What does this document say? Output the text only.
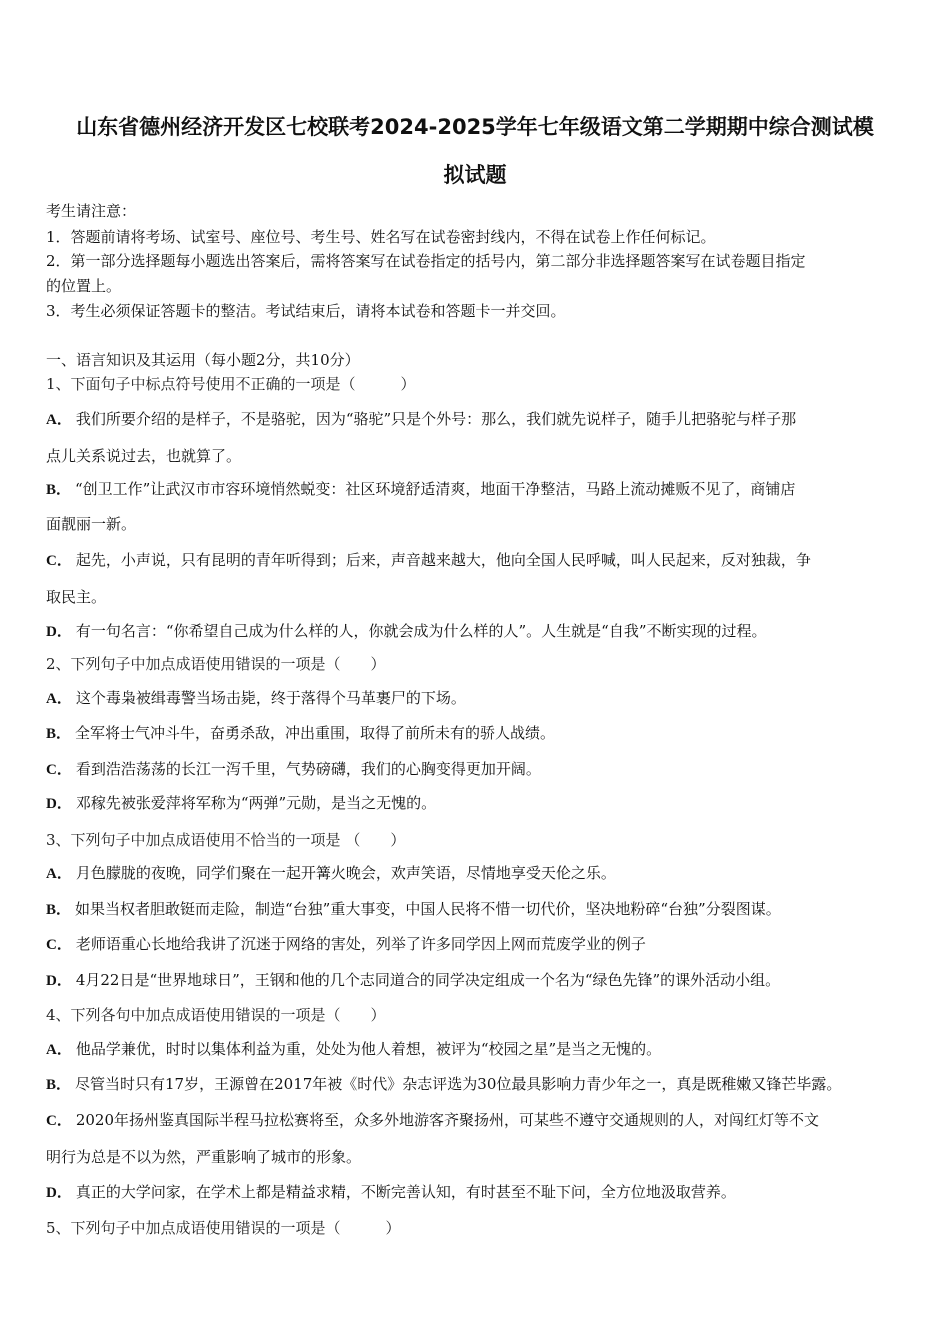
山东省德州经济开发区七校联考2024-2025学年七年级语文第二学期期中综合测试模
拟试题
考生请注意：
1．答题前请将考场、试室号、座位号、考生号、姓名写在试卷密封线内，不得在试卷上作任何标记。
2．第一部分选择题每小题选出答案后，需将答案写在试卷指定的括号内，第二部分非选择题答案写在试卷题目指定
的位置上。
3．考生必须保证答题卡的整洁。考试结束后，请将本试卷和答题卡一并交回。
一、语言知识及其运用（每小题2分，共10分）
1、下面句子中标点符号使用不正确的一项是（　　　）
A． 我们所要介绍的是样子，不是骆驼，因为“骆驼”只是个外号：那么，我们就先说样子，随手儿把骆驼与样子那
点儿关系说过去，也就算了。
B． “创卫工作”让武汉市市容环境悄然蜕变：社区环境舒适清爽，地面干净整洁，马路上流动摊贩不见了，商铺店
面靓丽一新。
C． 起先，小声说，只有昆明的青年听得到；后来，声音越来越大，他向全国人民呼喊，叫人民起来，反对独裁，争
取民主。
D． 有一句名言：“你希望自己成为什么样的人，你就会成为什么样的人”。人生就是“自我”不断实现的过程。
2、下列句子中加点成语使用错误的一项是（　　）
A． 这个毒枭被缉毒警当场击毙，终于落得个马革裹尸的下场。
B． 全军将士气冲斗牛，奋勇杀敌，冲出重围，取得了前所未有的骄人战绩。
C． 看到浩浩荡荡的长江一泻千里，气势磅礴，我们的心胸变得更加开阔。
D． 邓稼先被张爱萍将军称为“两弹”元勋，是当之无愧的。
3、下列句子中加点成语使用不恰当的一项是 （　　）
A． 月色朦胧的夜晚，同学们聚在一起开篝火晚会，欢声笑语，尽情地享受天伦之乐。
B． 如果当权者胆敢铤而走险，制造“台独”重大事变，中国人民将不惜一切代价，坚决地粉碎“台独”分裂图谋。
C． 老师语重心长地给我讲了沉迷于网络的害处，列举了许多同学因上网而荒废学业的例子
D． 4月22日是“世界地球日”，王钢和他的几个志同道合的同学决定组成一个名为“绿色先锋”的课外活动小组。
4、下列各句中加点成语使用错误的一项是（　　）
A． 他品学兼优，时时以集体利益为重，处处为他人着想，被评为“校园之星”是当之无愧的。
B． 尽管当时只有17岁，王源曾在2017年被《时代》杂志评选为30位最具影响力青少年之一，真是既稚嫩又锋芒毕露。
C． 2020年扬州鉴真国际半程马拉松赛将至，众多外地游客齐聚扬州，可某些不遵守交通规则的人，对闯红灯等不文
明行为总是不以为然，严重影响了城市的形象。
D． 真正的大学问家，在学术上都是精益求精，不断完善认知，有时甚至不耻下问，全方位地汲取营养。
5、下列句子中加点成语使用错误的一项是（　　　）
